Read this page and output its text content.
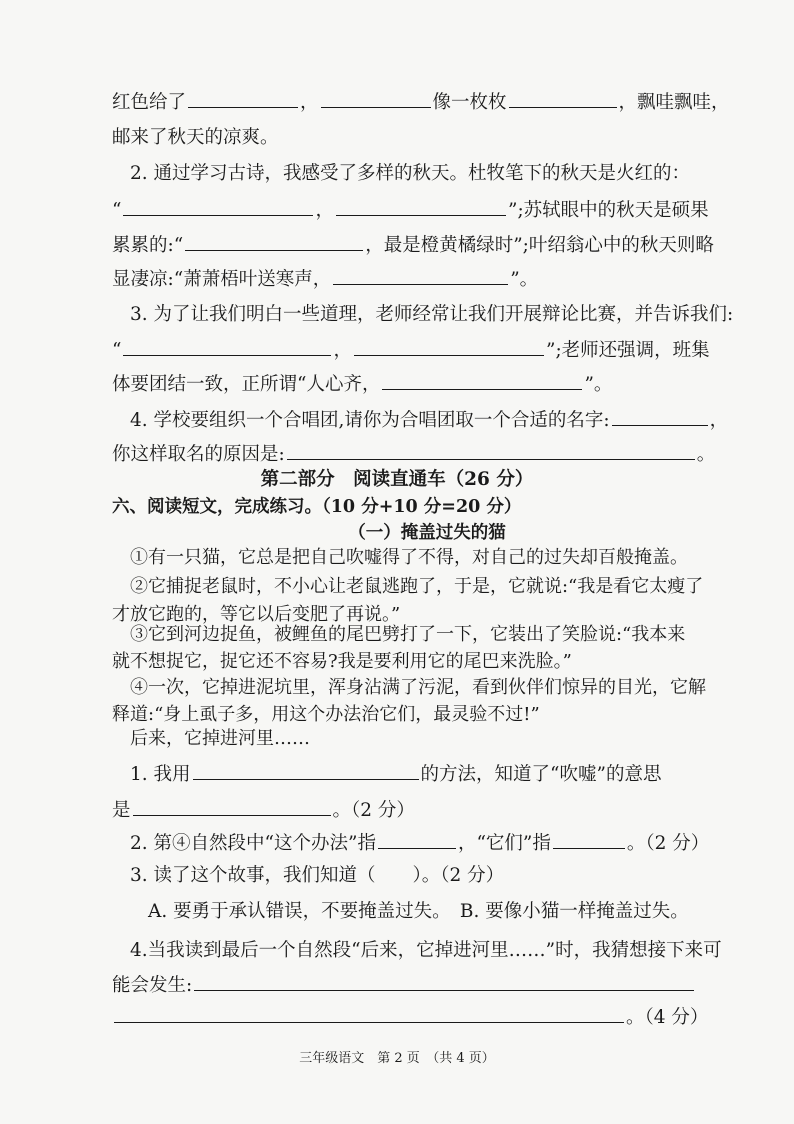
红色给了	，	像一枚枚	，飘哇飘哇，
邮来了秋天的凉爽。
2. 通过学习古诗，我感受了多样的秋天。杜牧笔下的秋天是火红的：
“	，	”;苏轼眼中的秋天是硕果
累累的:“	，最是橙黄橘绿时”;叶绍翁心中的秋天则略
显凄凉:“萧萧梧叶送寒声，	”。
3. 为了让我们明白一些道理，老师经常让我们开展辩论比赛，并告诉我们:
“	，	”;老师还强调，班集
体要团结一致，正所谓“人心齐，	”。
4. 学校要组织一个合唱团,请你为合唱团取一个合适的名字:	，
你这样取名的原因是:	。
第二部分　阅读直通车（26 分）
六、阅读短文，完成练习。（10 分+10 分=20 分）
（一）掩盖过失的猫
①有一只猫，它总是把自己吹嘘得了不得，对自己的过失却百般掩盖。
②它捕捉老鼠时，不小心让老鼠逃跑了，于是，它就说:“我是看它太瘦了
才放它跑的，等它以后变肥了再说。”
③它到河边捉鱼，被鲤鱼的尾巴劈打了一下，它装出了笑脸说:“我本来
就不想捉它，捉它还不容易?我是要利用它的尾巴来洗脸。”
④一次，它掉进泥坑里，浑身沾满了污泥，看到伙伴们惊异的目光，它解
释道:“身上虱子多，用这个办法治它们，最灵验不过!”
后来，它掉进河里……
1. 我用	的方法，知道了“吹嘘”的意思
是	。（2 分）
2. 第④自然段中“这个办法”指	，“它们”指	。（2 分）
3. 读了这个故事，我们知道（　　）。（2 分）
A. 要勇于承认错误，不要掩盖过失。　B. 要像小猫一样掩盖过失。
4.当我读到最后一个自然段“后来，它掉进河里……”时，我猜想接下来可
能会发生:
。（4 分）
三年级语文　第 2 页　（共 4 页）
